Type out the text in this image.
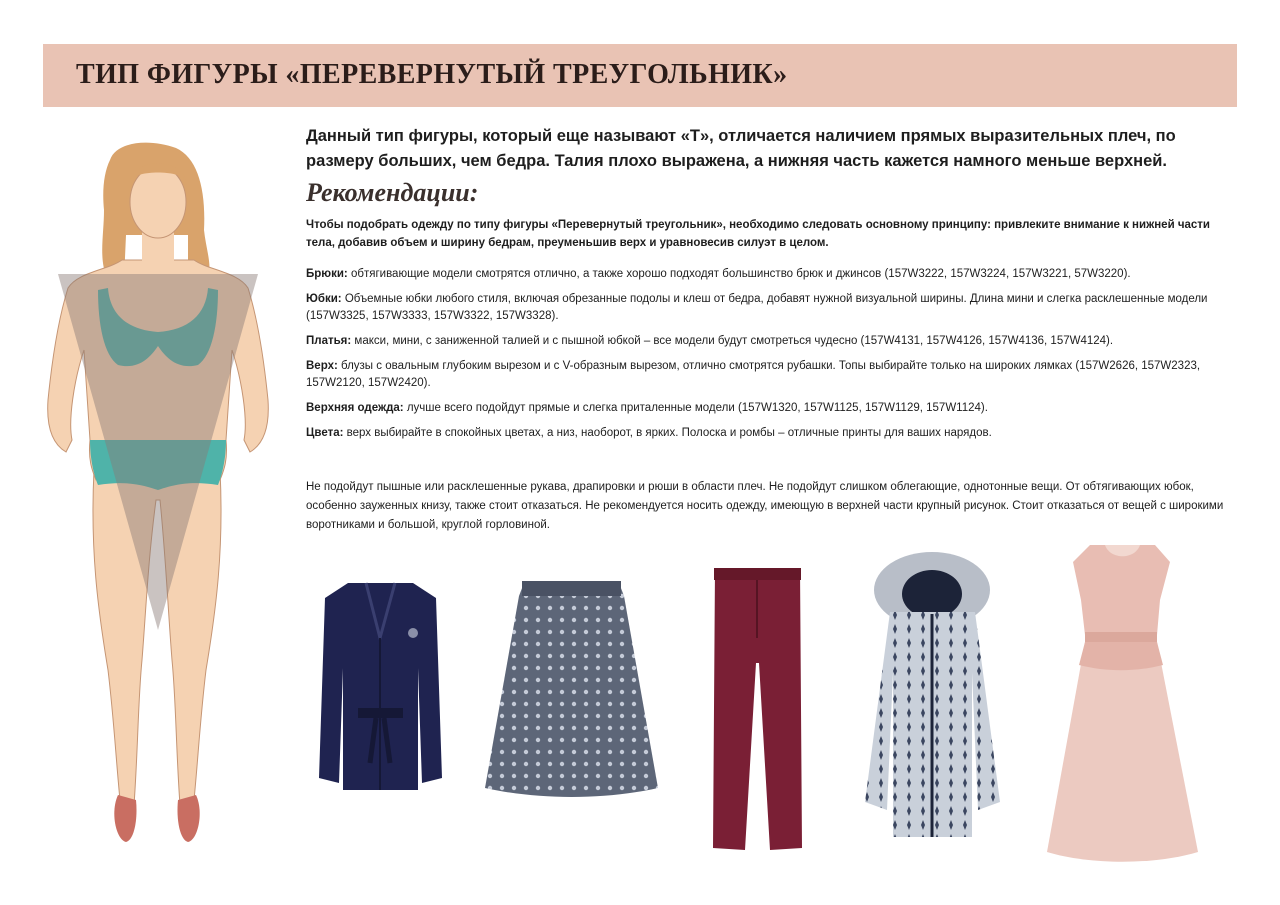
ТИП ФИГУРЫ «ПЕРЕВЕРНУТЫЙ ТРЕУГОЛЬНИК»

Данный тип фигуры, который еще называют «Т», отличается наличием прямых выразительных плеч, по размеру больших, чем бедра. Талия плохо выражена, а нижняя часть кажется намного меньше верхней.

Рекомендации:

Чтобы подобрать одежду по типу фигуры «Перевернутый треугольник», необходимо следовать основному принципу: привлеките внимание к нижней части тела, добавив объем и ширину бедрам, преуменьшив верх и уравновесив силуэт в целом.

Брюки: обтягивающие модели смотрятся отлично, а также хорошо подходят большинство брюк и джинсов (157W3222, 157W3224, 157W3221, 57W3220).

Юбки: Объемные юбки любого стиля, включая обрезанные подолы и клеш от бедра, добавят нужной визуальной ширины. Длина мини и слегка расклешенные модели (157W3325, 157W3333, 157W3322, 157W3328).

Платья: макси, мини, с заниженной талией и с пышной юбкой – все модели будут смотреться чудесно (157W4131, 157W4126, 157W4136, 157W4124).

Верх: блузы с овальным глубоким вырезом и с V-образным вырезом, отлично смотрятся рубашки. Топы выбирайте только на широких лямках (157W2626, 157W2323, 157W2120, 157W2420).

Верхняя одежда: лучше всего подойдут прямые и слегка приталенные модели (157W1320, 157W1125, 157W1129, 157W1124).

Цвета: верх выбирайте в спокойных цветах, а низ, наоборот, в ярких. Полоска и ромбы – отличные принты для ваших нарядов.

Не подойдут пышные или расклешенные рукава, драпировки и рюши в области плеч. Не подойдут слишком облегающие, однотонные вещи. От обтягивающих юбок, особенно зауженных книзу, также стоит отказаться. Не рекомендуется носить одежду, имеющую в верхней части крупный рисунок. Стоит отказаться от вещей с широкими воротниками и большой, круглой горловиной.
